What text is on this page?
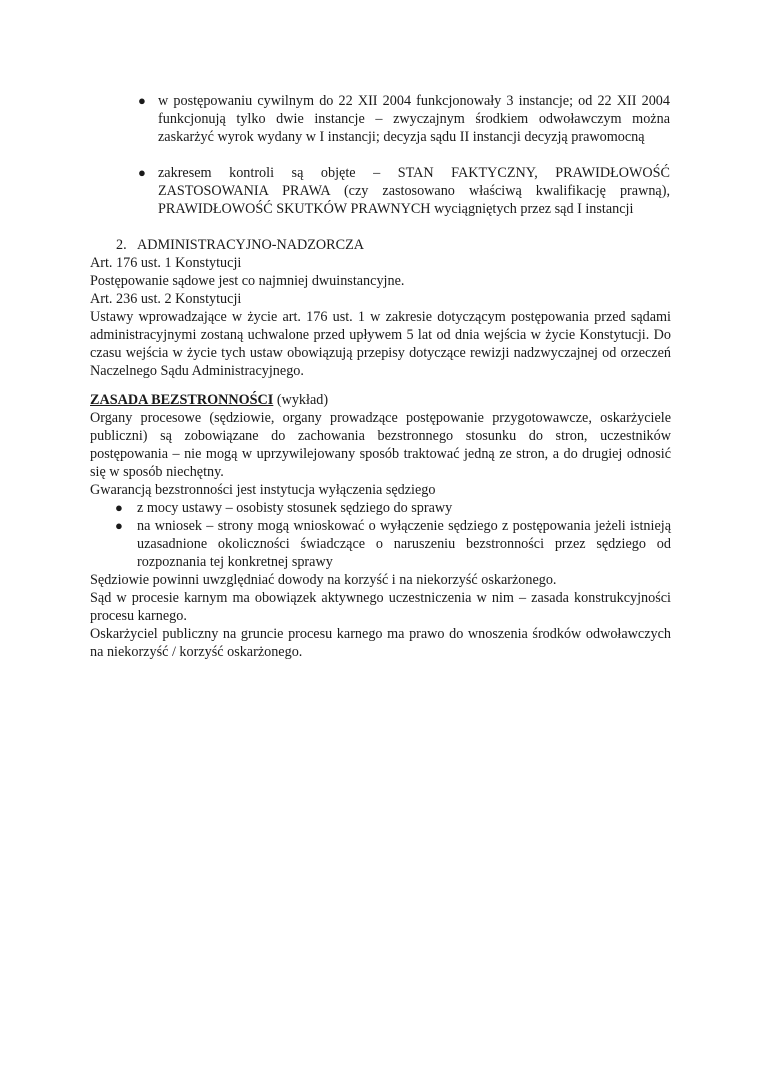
● w postępowaniu cywilnym do 22 XII 2004 funkcjonowały 3 instancje; od 22 XII 2004 funkcjonują tylko dwie instancje – zwyczajnym środkiem odwoławczym można zaskarżyć wyrok wydany w I instancji; decyzja sądu II instancji decyzją prawomocną
● zakresem kontroli są objęte – STAN FAKTYCZNY, PRAWIDŁOWOŚĆ ZASTOSOWANIA PRAWA (czy zastosowano właściwą kwalifikację prawną), PRAWIDŁOWOŚĆ SKUTKÓW PRAWNYCH wyciągniętych przez sąd I instancji
2. ADMINISTRACYJNO-NADZORCZA

Art. 176 ust. 1 Konstytucji

Postępowanie sądowe jest co najmniej dwuinstancyjne.

Art. 236 ust. 2 Konstytucji

Ustawy wprowadzające w życie art. 176 ust. 1 w zakresie dotyczącym postępowania przed sądami administracyjnymi zostaną uchwalone przed upływem 5 lat od dnia wejścia w życie Konstytucji. Do czasu wejścia w życie tych ustaw obowiązują przepisy dotyczące rewizji nadzwyczajnej od orzeczeń Naczelnego Sądu Administracyjnego.

ZASADA BEZSTRONNOŚCI (wykład)

Organy procesowe (sędziowie, organy prowadzące postępowanie przygotowawcze, oskarżyciele publiczni) są zobowiązane do zachowania bezstronnego stosunku do stron, uczestników postępowania – nie mogą w uprzywilejowany sposób traktować jedną ze stron, a do drugiej odnosić się w sposób niechętny.

Gwarancją bezstronności jest instytucja wyłączenia sędziego

● z mocy ustawy – osobisty stosunek sędziego do sprawy
● na wniosek – strony mogą wnioskować o wyłączenie sędziego z postępowania jeżeli istnieją uzasadnione okoliczności świadczące o naruszeniu bezstronności przez sędziego od rozpoznania tej konkretnej sprawy

Sędziowie powinni uwzględniać dowody na korzyść i na niekorzyść oskarżonego.

Sąd w procesie karnym ma obowiązek aktywnego uczestniczenia w nim – zasada konstrukcyjności procesu karnego.

Oskarżyciel publiczny na gruncie procesu karnego ma prawo do wnoszenia środków odwoławczych na niekorzyść / korzyść oskarżonego.
